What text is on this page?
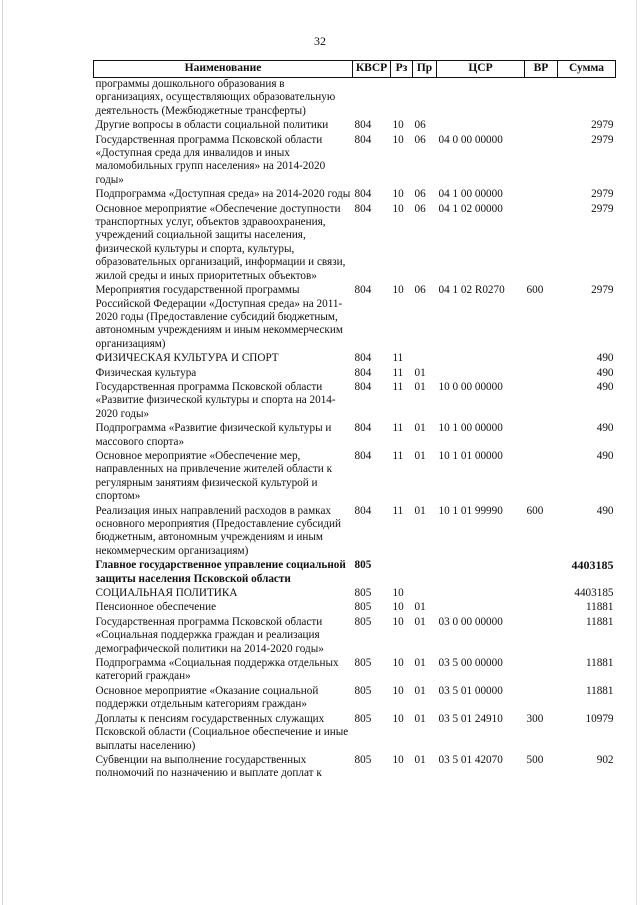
32
Наименование	КВСР	Рз	Пр	ЦСР	ВР	Сумма
программы дошкольного образования в организациях, осуществляющих образовательную деятельность (Межбюджетные трансферты)						
Другие вопросы в области социальной политики	804	10	06			2979
Государственная программа Псковской области «Доступная среда для инвалидов и иных маломобильных групп населения» на 2014-2020 годы»	804	10	06	04 0 00 00000		2979
Подпрограмма «Доступная среда» на 2014-2020 годы	804	10	06	04 1 00 00000		2979
Основное мероприятие «Обеспечение доступности транспортных услуг, объектов здравоохранения, учреждений социальной защиты населения, физической культуры и спорта, культуры, образовательных организаций, информации и связи, жилой среды и иных приоритетных объектов»	804	10	06	04 1 02 00000		2979
Мероприятия государственной программы Российской Федерации «Доступная среда» на 2011-2020 годы (Предоставление субсидий бюджетным, автономным учреждениям и иным некоммерческим организациям)	804	10	06	04 1 02 R0270	600	2979
ФИЗИЧЕСКАЯ КУЛЬТУРА И СПОРТ	804	11				490
Физическая культура	804	11	01			490
Государственная программа Псковской области «Развитие физической культуры и спорта на 2014-2020 годы»	804	11	01	10 0 00 00000		490
Подпрограмма «Развитие физической культуры и массового спорта»	804	11	01	10 1 00 00000		490
Основное мероприятие «Обеспечение мер, направленных на привлечение жителей области к регулярным занятиям физической культурой и спортом»	804	11	01	10 1 01 00000		490
Реализация иных направлений расходов в рамках основного мероприятия (Предоставление субсидий бюджетным, автономным учреждениям и иным некоммерческим организациям)	804	11	01	10 1 01 99990	600	490
Главное государственное управление социальной защиты населения Псковской области	805					4403185
СОЦИАЛЬНАЯ ПОЛИТИКА	805	10				4403185
Пенсионное обеспечение	805	10	01			11881
Государственная программа Псковской области «Социальная поддержка граждан и реализация демографической политики на 2014-2020 годы»	805	10	01	03 0 00 00000		11881
Подпрограмма «Социальная поддержка отдельных категорий граждан»	805	10	01	03 5 00 00000		11881
Основное мероприятие «Оказание социальной поддержки отдельным категориям граждан»	805	10	01	03 5 01 00000		11881
Доплаты к пенсиям государственных служащих Псковской области (Социальное обеспечение и иные выплаты населению)	805	10	01	03 5 01 24910	300	10979
Субвенции на выполнение государственных полномочий по назначению и выплате доплат к	805	10	01	03 5 01 42070	500	902
